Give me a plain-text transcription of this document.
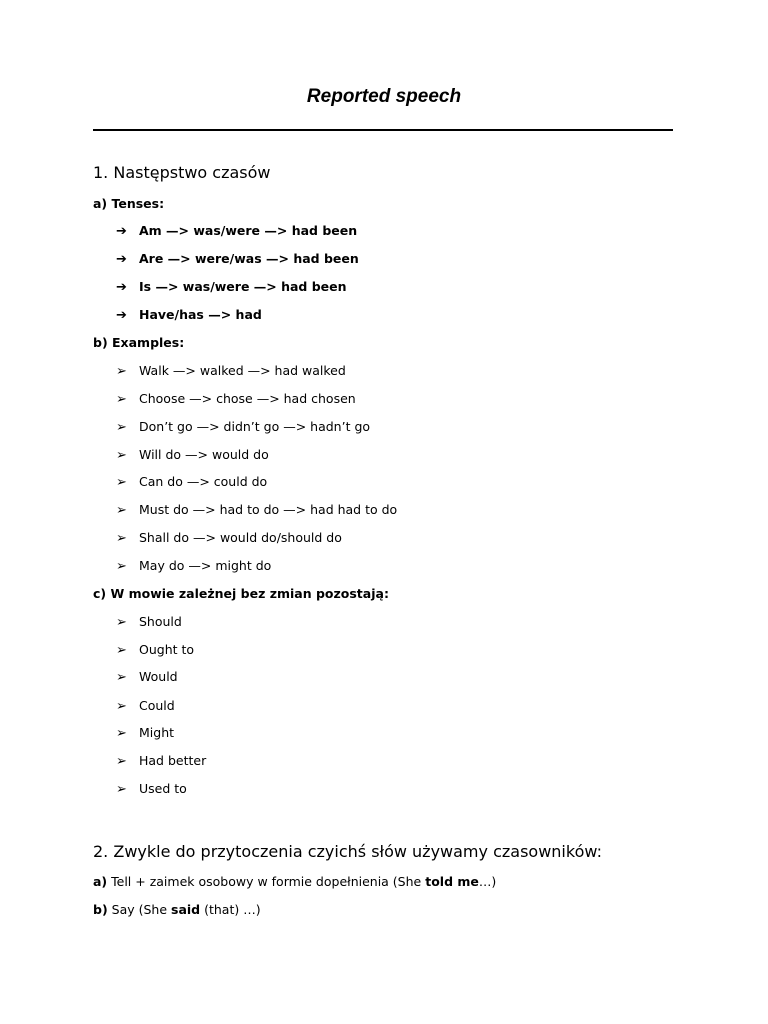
Reported speech
1. Następstwo czasów
a) Tenses:
➔ Am —> was/were —> had been
➔ Are —> were/was —> had been
➔ Is —> was/were —> had been
➔ Have/has —> had
b) Examples:
➢ Walk —> walked —> had walked
➢ Choose —> chose —> had chosen
➢ Don’t go —> didn’t go —> hadn’t go
➢ Will do —> would do
➢ Can do —> could do
➢ Must do —> had to do —> had had to do
➢ Shall do —> would do/should do
➢ May do —> might do
c) W mowie zależnej bez zmian pozostają:
➢ Should
➢ Ought to
➢ Would
➢ Could
➢ Might
➢ Had better
➢ Used to
2. Zwykle do przytoczenia czyichś słów używamy czasowników:
a) Tell + zaimek osobowy w formie dopełnienia (She told me…)
b) Say (She said (that) …)
